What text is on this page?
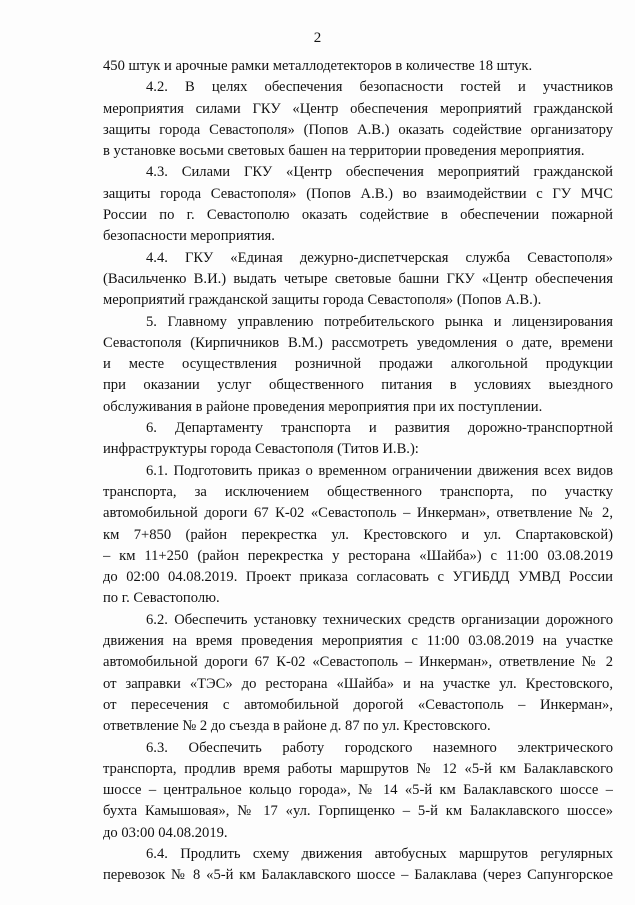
2

450 штук и арочные рамки металлодетекторов в количестве 18 штук.

4.2. В целях обеспечения безопасности гостей и участников
мероприятия силами ГКУ «Центр обеспечения мероприятий гражданской
защиты города Севастополя» (Попов А.В.) оказать содействие организатору
в установке восьми световых башен на территории проведения мероприятия.

4.3. Силами ГКУ «Центр обеспечения мероприятий гражданской
защиты города Севастополя» (Попов А.В.) во взаимодействии с ГУ МЧС
России по г. Севастополю оказать содействие в обеспечении пожарной
безопасности мероприятия.

4.4. ГКУ «Единая дежурно-диспетчерская служба Севастополя»
(Васильченко В.И.) выдать четыре световые башни ГКУ «Центр обеспечения
мероприятий гражданской защиты города Севастополя» (Попов А.В.).

5. Главному управлению потребительского рынка и лицензирования
Севастополя (Кирпичников В.М.) рассмотреть уведомления о дате, времени
и месте осуществления розничной продажи алкогольной продукции
при оказании услуг общественного питания в условиях выездного
обслуживания в районе проведения мероприятия при их поступлении.

6. Департаменту транспорта и развития дорожно-транспортной
инфраструктуры города Севастополя (Титов И.В.):

6.1. Подготовить приказ о временном ограничении движения всех видов
транспорта, за исключением общественного транспорта, по участку
автомобильной дороги 67 К-02 «Севастополь – Инкерман», ответвление № 2,
км 7+850 (район перекрестка ул. Крестовского и ул. Спартаковской)
– км 11+250 (район перекрестка у ресторана «Шайба») с 11:00 03.08.2019
до 02:00 04.08.2019. Проект приказа согласовать с УГИБДД УМВД России
по г. Севастополю.

6.2. Обеспечить установку технических средств организации дорожного
движения на время проведения мероприятия с 11:00 03.08.2019 на участке
автомобильной дороги 67 К-02 «Севастополь – Инкерман», ответвление № 2
от заправки «ТЭС» до ресторана «Шайба» и на участке ул. Крестовского,
от пересечения с автомобильной дорогой «Севастополь – Инкерман»,
ответвление № 2 до съезда в районе д. 87 по ул. Крестовского.

6.3. Обеспечить работу городского наземного электрического
транспорта, продлив время работы маршрутов № 12 «5-й км Балаклавского
шоссе – центральное кольцо города», № 14 «5-й км Балаклавского шоссе –
бухта Камышовая», № 17 «ул. Горпищенко – 5-й км Балаклавского шоссе»
до 03:00 04.08.2019.

6.4. Продлить схему движения автобусных маршрутов регулярных
перевозок № 8 «5-й км Балаклавского шоссе – Балаклава (через Сапунгорское
